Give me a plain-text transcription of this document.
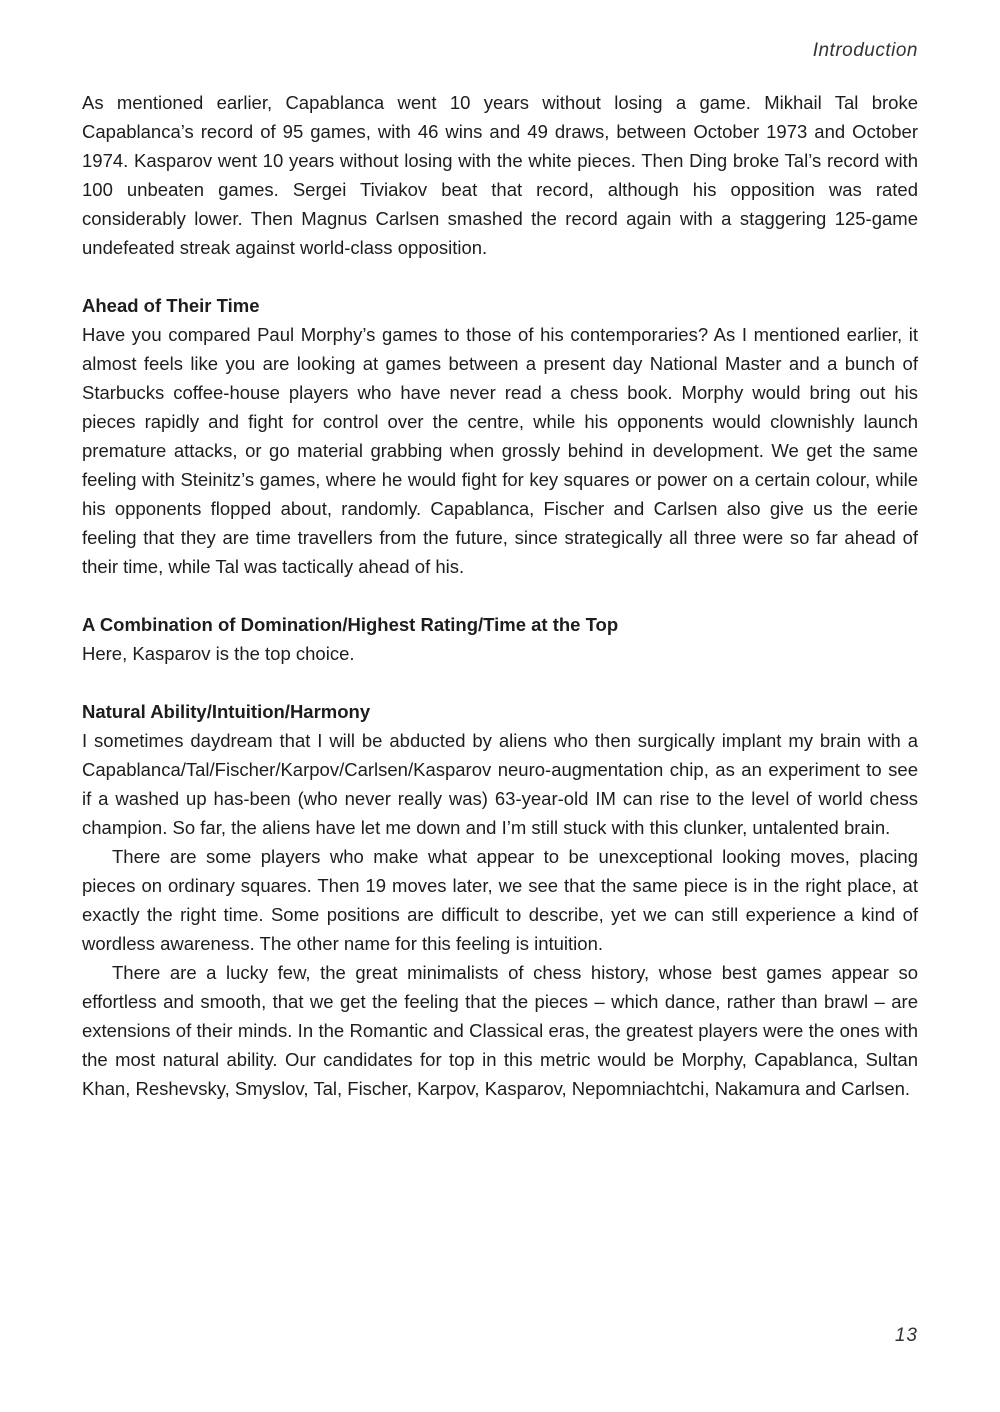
Introduction

As mentioned earlier, Capablanca went 10 years without losing a game. Mikhail Tal broke Capablanca’s record of 95 games, with 46 wins and 49 draws, between October 1973 and October 1974. Kasparov went 10 years without losing with the white pieces. Then Ding broke Tal’s record with 100 unbeaten games. Sergei Tiviakov beat that record, although his opposition was rated considerably lower. Then Magnus Carlsen smashed the record again with a staggering 125-game undefeated streak against world-class opposition.

Ahead of Their Time

Have you compared Paul Morphy’s games to those of his contemporaries? As I mentioned earlier, it almost feels like you are looking at games between a present day National Master and a bunch of Starbucks coffee-house players who have never read a chess book. Morphy would bring out his pieces rapidly and fight for control over the centre, while his opponents would clownishly launch premature attacks, or go material grabbing when grossly behind in development. We get the same feeling with Steinitz’s games, where he would fight for key squares or power on a certain colour, while his opponents flopped about, randomly. Capablanca, Fischer and Carlsen also give us the eerie feeling that they are time travellers from the future, since strategically all three were so far ahead of their time, while Tal was tactically ahead of his.

A Combination of Domination/Highest Rating/Time at the Top

Here, Kasparov is the top choice.

Natural Ability/Intuition/Harmony

I sometimes daydream that I will be abducted by aliens who then surgically implant my brain with a Capablanca/Tal/Fischer/Karpov/Carlsen/Kasparov neuro-augmentation chip, as an experiment to see if a washed up has-been (who never really was) 63-year-old IM can rise to the level of world chess champion. So far, the aliens have let me down and I’m still stuck with this clunker, untalented brain.

There are some players who make what appear to be unexceptional looking moves, placing pieces on ordinary squares. Then 19 moves later, we see that the same piece is in the right place, at exactly the right time. Some positions are difficult to describe, yet we can still experience a kind of wordless awareness. The other name for this feeling is intuition.

There are a lucky few, the great minimalists of chess history, whose best games appear so effortless and smooth, that we get the feeling that the pieces – which dance, rather than brawl – are extensions of their minds. In the Romantic and Classical eras, the greatest players were the ones with the most natural ability. Our candidates for top in this metric would be Morphy, Capablanca, Sultan Khan, Reshevsky, Smyslov, Tal, Fischer, Karpov, Kasparov, Nepomniachtchi, Nakamura and Carlsen.

13
